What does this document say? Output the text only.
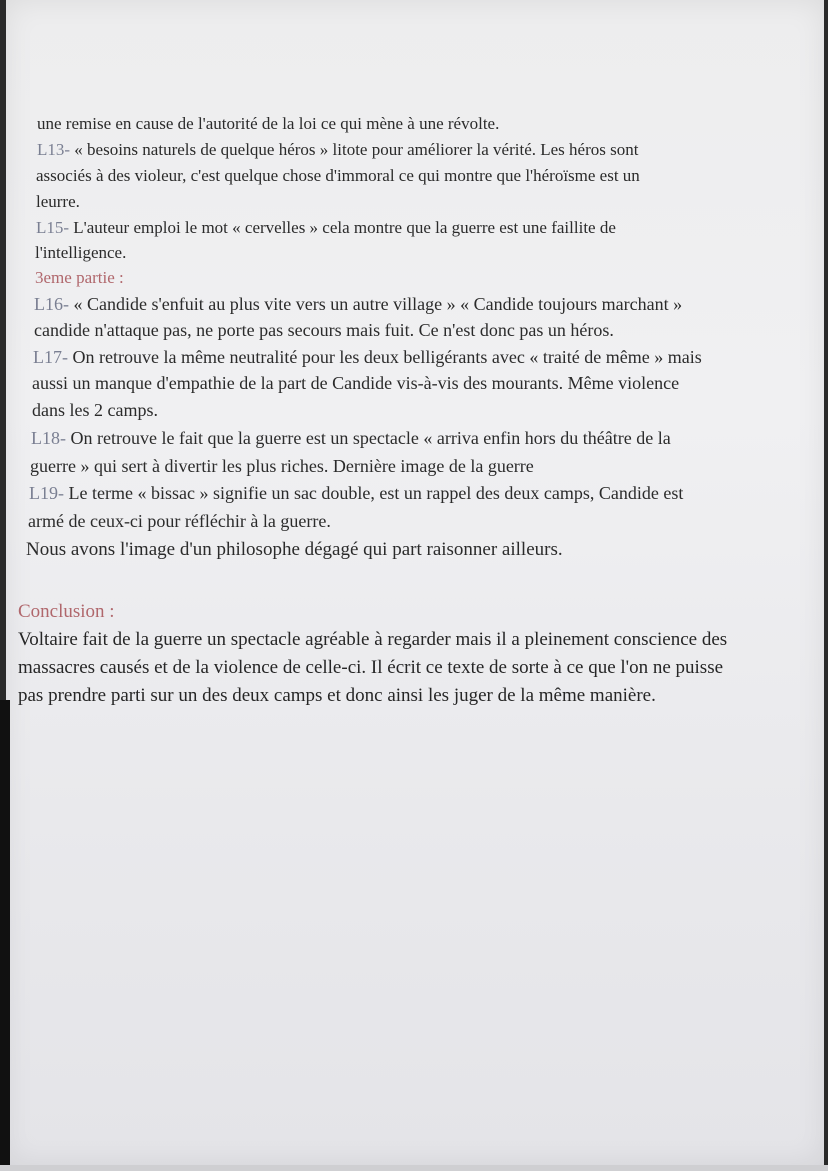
une remise en cause de l'autorité de la loi ce qui mène à une révolte.
L13- « besoins naturels de quelque héros » litote pour améliorer la vérité. Les héros sont
associés à des violeur, c'est quelque chose d'immoral ce qui montre que l'héroïsme est un
leurre.
L15- L'auteur emploi le mot « cervelles » cela montre que la guerre est une faillite de
l'intelligence.
3eme partie :
L16- « Candide s'enfuit au plus vite vers un autre village » « Candide toujours marchant »
candide n'attaque pas, ne porte pas secours mais fuit. Ce n'est donc pas un héros.
L17- On retrouve la même neutralité pour les deux belligérants avec « traité de même » mais
aussi un manque d'empathie de la part de Candide vis-à-vis des mourants. Même violence
dans les 2 camps.
L18- On retrouve le fait que la guerre est un spectacle « arriva enfin hors du théâtre de la
guerre » qui sert à divertir les plus riches. Dernière image de la guerre
L19- Le terme « bissac » signifie un sac double, est un rappel des deux camps, Candide est
armé de ceux-ci pour réfléchir à la guerre.
Nous avons l'image d'un philosophe dégagé qui part raisonner ailleurs.
Conclusion :
Voltaire fait de la guerre un spectacle agréable à regarder mais il a pleinement conscience des
massacres causés et de la violence de celle-ci. Il écrit ce texte de sorte à ce que l'on ne puisse
pas prendre parti sur un des deux camps et donc ainsi les juger de la même manière.
